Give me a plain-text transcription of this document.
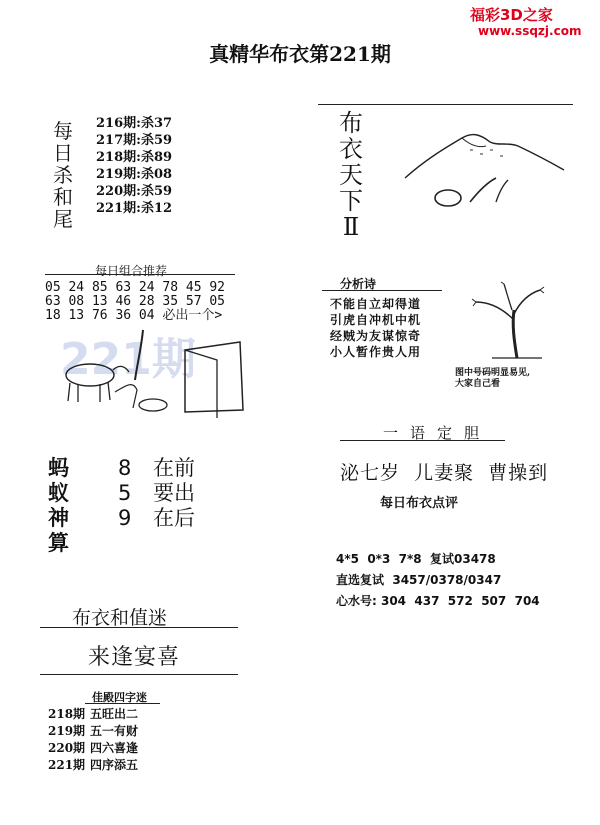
福彩3D之家
www.ssqzj.com
真精华布衣第221期
每
日
杀
和
尾
216期:杀37
217期:杀59
218期:杀89
219期:杀08
220期:杀59
221期:杀12
布
衣
天
下
Ⅱ
每日组合推荐
05 24 85 63 24 78 45 92
63 08 13 46 28 35 57 05
18 13 76 36 04 必出一个>
221期
分析诗
不能自立却得道
引虎自冲机中机
经贼为友谋惊奇
小人暂作贵人用
图中号码明显易见,
大家自己看
一语定胆
蚂
蚁
神
算
8 在前
5 要出
9 在后
泌七岁  儿妻聚  曹操到
每日布衣点评
4*5  0*3  7*8  复试03478
直选复试  3457/0378/0347
心水号: 304  437  572  507  704
布衣和值迷
来逢宴喜
佳殿四字迷
218期 五旺出二
219期 五一有财
220期 四六喜逢
221期 四序添五
